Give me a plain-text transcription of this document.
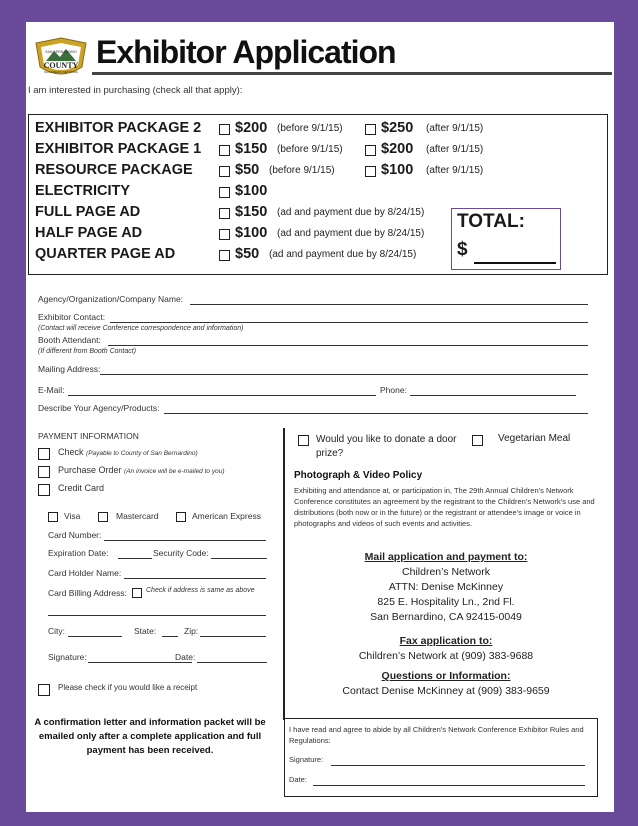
SAN BERNARDINO
COUNTY
CHILDREN'S NETWORK
Exhibitor Application
I am interested in purchasing (check all that apply):
EXHIBITOR PACKAGE 2 $200 (before 9/1/15)	$250 (after 9/1/15)
EXHIBITOR PACKAGE 1 $150 (before 9/1/15)	$200 (after 9/1/15)
RESOURCE PACKAGE	$50 (before 9/1/15)	$100 (after 9/1/15)
ELECTRICITY	$100
FULL PAGE AD	$150 (ad and payment due by 8/24/15)
HALF PAGE AD	$100 (ad and payment due by 8/24/15)
QUARTER PAGE AD	$50 (ad and payment due by 8/24/15)
TOTAL:
$
Agency/Organization/Company Name:
Exhibitor Contact:
(Contact will receive Conference correspondence and information)
Booth Attendant:
(If different from Booth Contact)
Mailing Address:
E-Mail:	Phone:
Describe Your Agency/Products:
PAYMENT INFORMATION
Check (Payable to County of San Bernardino)
Purchase Order (An invoice will be e-mailed to you)
Credit Card
Visa	Mastercard	American Express
Card Number:
Expiration Date:	Security Code:
Card Holder Name:
Card Billing Address:	Check if address is same as above
City:	State:	Zip:
Signature:	Date:
Please check if you would like a receipt
A confirmation letter and information packet will be emailed only after a complete application and full payment has been received.
Would you like to donate a door prize?
Vegetarian Meal
Photograph & Video Policy
Exhibiting and attendance at, or participation in, The 29th Annual Children’s Network Conference constitutes an agreement by the registrant to the Children’s Network’s use and distributions (both now or in the future) or the registrant or attendee’s image or voice in photographs and videos of such events and activities.
Mail application and payment to:
Children’s Network
ATTN: Denise McKinney
825 E. Hospitality Ln., 2nd Fl.
San Bernardino, CA 92415-0049
Fax application to:
Children’s Network at (909) 383-9688
Questions or Information:
Contact Denise McKinney at (909) 383-9659
I have read and agree to abide by all Children’s Network Conference Exhibitor Rules and Regulations:
Signature:
Date:
